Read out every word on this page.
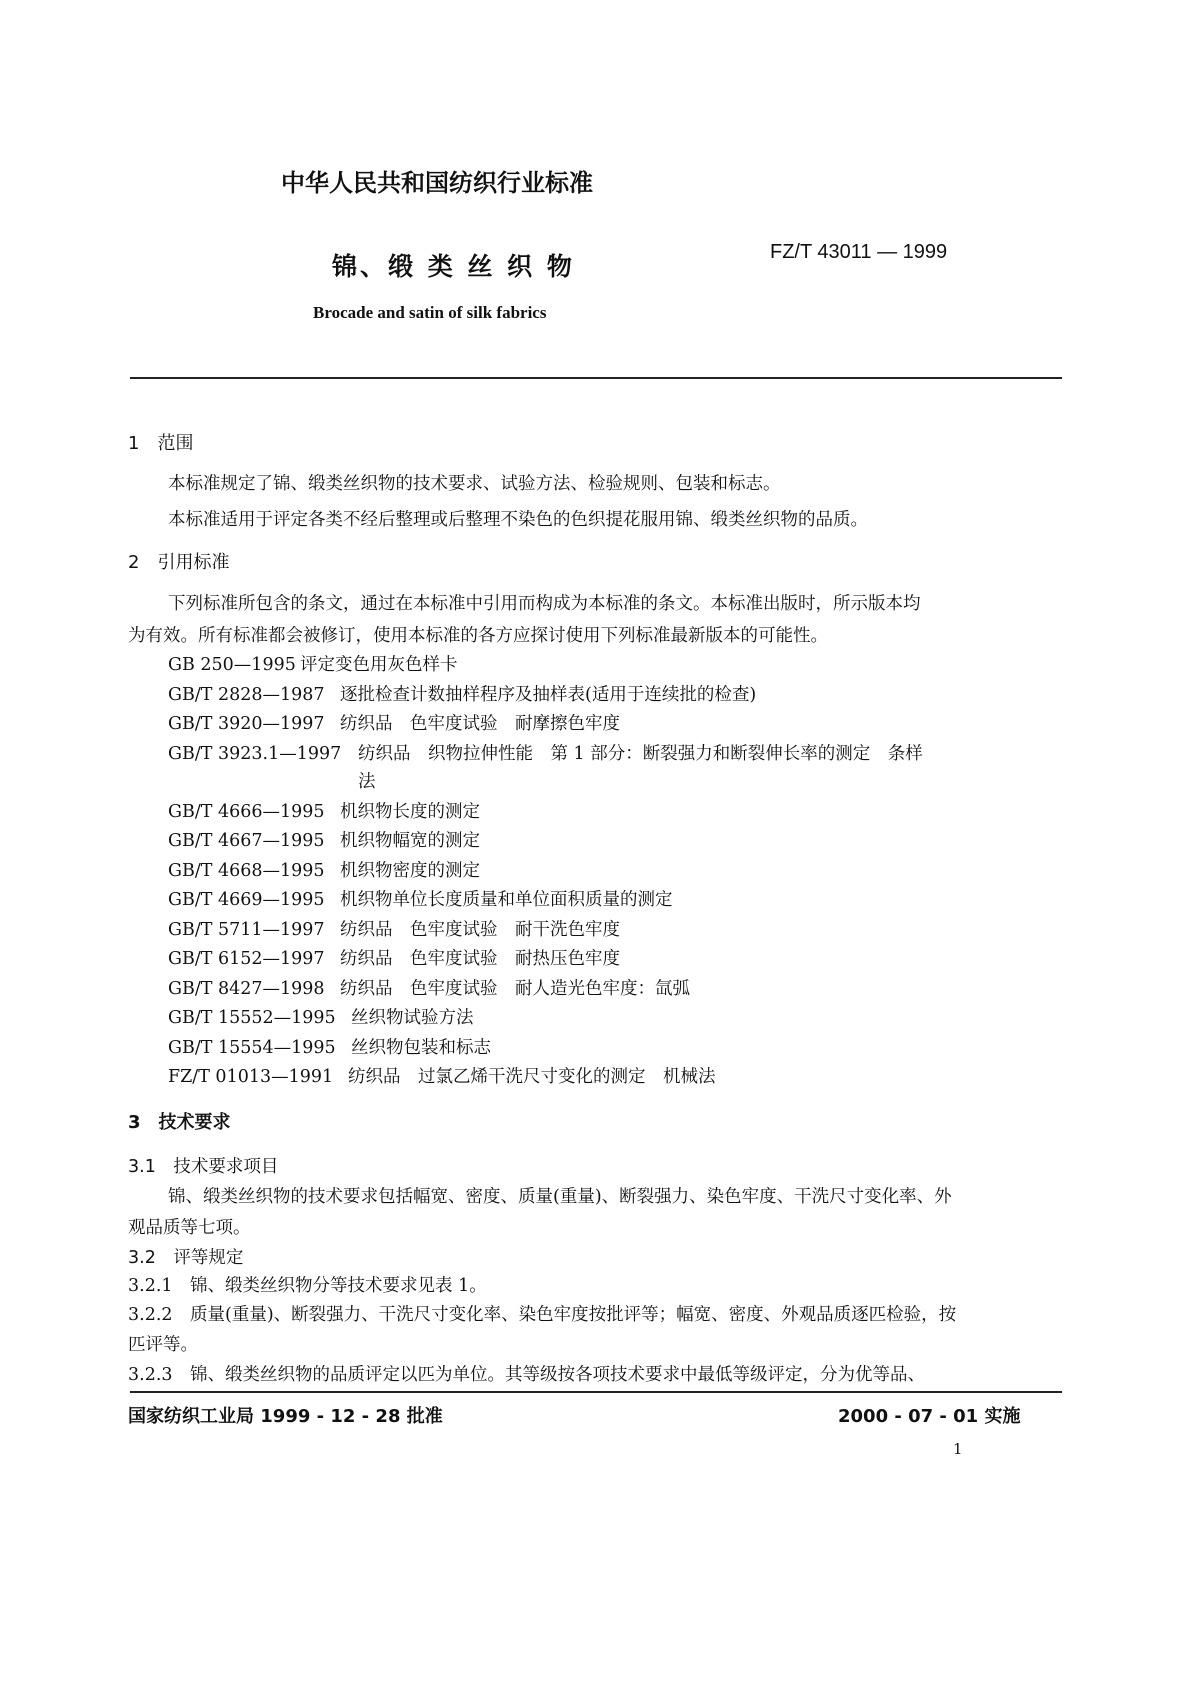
中华人民共和国纺织行业标准
锦、缎 类 丝 织 物	FZ/T 43011 — 1999
Brocade and satin of silk fabrics
1　范围
本标准规定了锦、缎类丝织物的技术要求、试验方法、检验规则、包装和标志。
本标准适用于评定各类不经后整理或后整理不染色的色织提花服用锦、缎类丝织物的品质。
2　引用标准
下列标准所包含的条文，通过在本标准中引用而构成为本标准的条文。本标准出版时，所示版本均
为有效。所有标准都会被修订，使用本标准的各方应探讨使用下列标准最新版本的可能性。
GB 250—1995 评定变色用灰色样卡
GB/T 2828—1987 逐批检查计数抽样程序及抽样表(适用于连续批的检查)
GB/T 3920—1997 纺织品　色牢度试验　耐摩擦色牢度
GB/T 3923.1—1997 纺织品　织物拉伸性能　第 1 部分：断裂强力和断裂伸长率的测定　条样
法
GB/T 4666—1995 机织物长度的测定
GB/T 4667—1995 机织物幅宽的测定
GB/T 4668—1995 机织物密度的测定
GB/T 4669—1995 机织物单位长度质量和单位面积质量的测定
GB/T 5711—1997 纺织品　色牢度试验　耐干洗色牢度
GB/T 6152—1997 纺织品　色牢度试验　耐热压色牢度
GB/T 8427—1998 纺织品　色牢度试验　耐人造光色牢度：氙弧
GB/T 15552—1995 丝织物试验方法
GB/T 15554—1995 丝织物包装和标志
FZ/T 01013—1991 纺织品　过氯乙烯干洗尺寸变化的测定　机械法
3　技术要求
3.1　技术要求项目
锦、缎类丝织物的技术要求包括幅宽、密度、质量(重量)、断裂强力、染色牢度、干洗尺寸变化率、外
观品质等七项。
3.2　评等规定
3.2.1　锦、缎类丝织物分等技术要求见表 1。
3.2.2　质量(重量)、断裂强力、干洗尺寸变化率、染色牢度按批评等；幅宽、密度、外观品质逐匹检验，按
匹评等。
3.2.3　锦、缎类丝织物的品质评定以匹为单位。其等级按各项技术要求中最低等级评定，分为优等品、
国家纺织工业局 1999 - 12 - 28 批准	2000 - 07 - 01 实施
1
